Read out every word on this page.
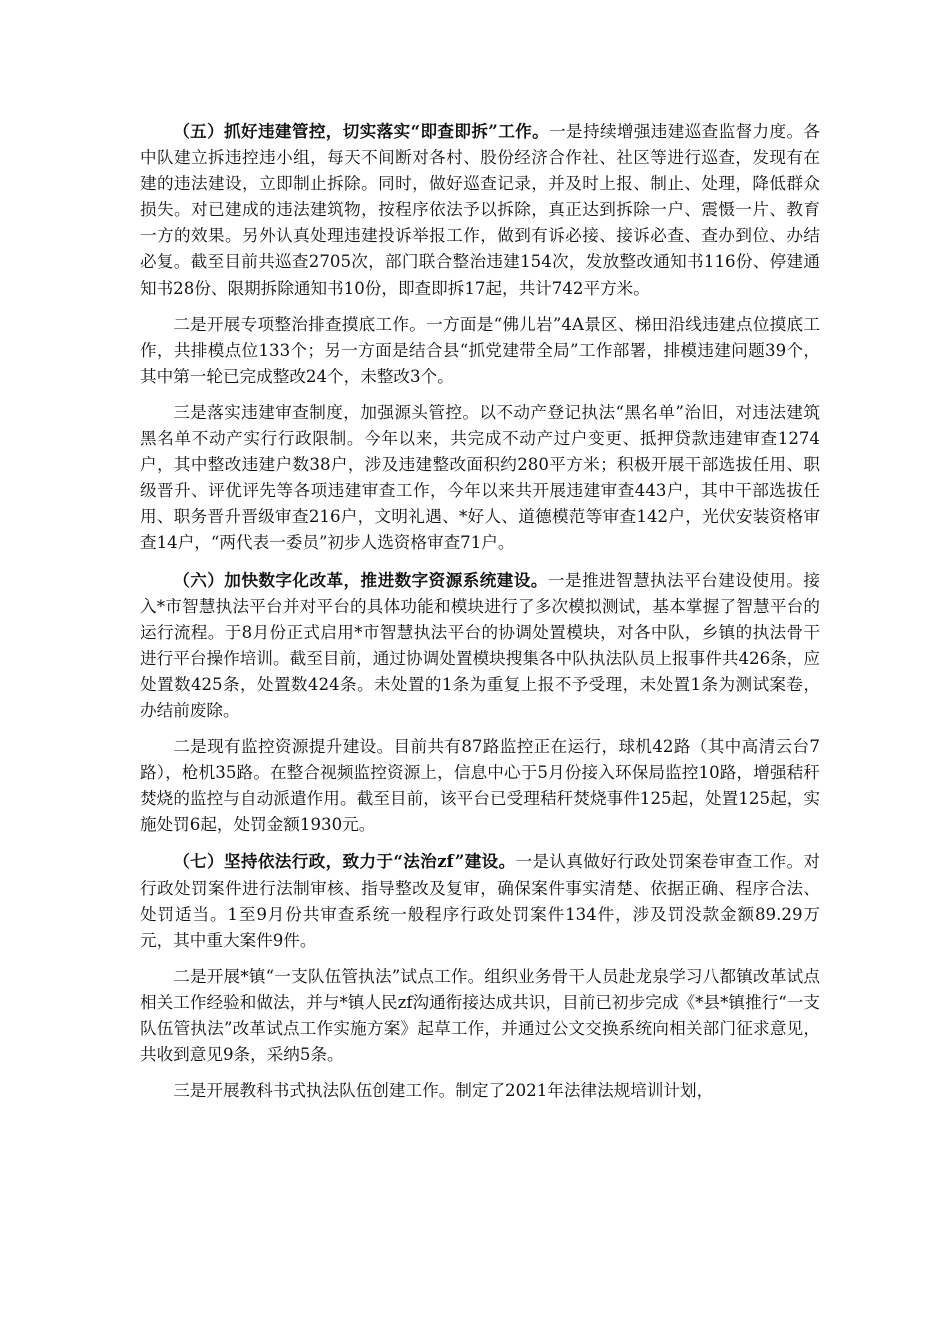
（五）抓好违建管控，切实落实“即查即拆”工作。一是持续增强违建巡查监督力度。各中队建立拆违控违小组，每天不间断对各村、股份经济合作社、社区等进行巡查，发现有在建的违法建设，立即制止拆除。同时，做好巡查记录，并及时上报、制止、处理，降低群众损失。对已建成的违法建筑物，按程序依法予以拆除，真正达到拆除一户、震慑一片、教育一方的效果。另外认真处理违建投诉举报工作，做到有诉必接、接诉必查、查办到位、办结必复。截至目前共巡查2705次，部门联合整治违建154次，发放整改通知书116份、停建通知书28份、限期拆除通知书10份，即查即拆17起，共计742平方米。

二是开展专项整治排查摸底工作。一方面是“佛儿岩”4A景区、梯田沿线违建点位摸底工作，共排模点位133个；另一方面是结合县“抓党建带全局”工作部署，排模违建问题39个，其中第一轮已完成整改24个，未整改3个。

三是落实违建审查制度，加强源头管控。以不动产登记执法“黑名单”治旧，对违法建筑黑名单不动产实行行政限制。今年以来，共完成不动产过户变更、抵押贷款违建审查1274户，其中整改违建户数38户，涉及违建整改面积约280平方米；积极开展干部选拔任用、职级晋升、评优评先等各项违建审查工作，今年以来共开展违建审查443户，其中干部选拔任用、职务晋升晋级审查216户，文明礼遇、*好人、道德模范等审查142户，光伏安装资格审查14户，“两代表一委员”初步人选资格审查71户。

（六）加快数字化改革，推进数字资源系统建设。一是推进智慧执法平台建设使用。接入*市智慧执法平台并对平台的具体功能和模块进行了多次模拟测试，基本掌握了智慧平台的运行流程。于8月份正式启用*市智慧执法平台的协调处置模块，对各中队，乡镇的执法骨干进行平台操作培训。截至目前，通过协调处置模块搜集各中队执法队员上报事件共426条，应处置数425条，处置数424条。未处置的1条为重复上报不予受理，未处置1条为测试案卷，办结前废除。

二是现有监控资源提升建设。目前共有87路监控正在运行，球机42路（其中高清云台7路），枪机35路。在整合视频监控资源上，信息中心于5月份接入环保局监控10路，增强秸秆焚烧的监控与自动派遣作用。截至目前，该平台已受理秸秆焚烧事件125起，处置125起，实施处罚6起，处罚金额1930元。

（七）坚持依法行政，致力于“法治zf”建设。一是认真做好行政处罚案卷审查工作。对行政处罚案件进行法制审核、指导整改及复审，确保案件事实清楚、依据正确、程序合法、处罚适当。1至9月份共审查系统一般程序行政处罚案件134件，涉及罚没款金额89.29万元，其中重大案件9件。

二是开展*镇“一支队伍管执法”试点工作。组织业务骨干人员赴龙泉学习八都镇改革试点相关工作经验和做法，并与*镇人民zf沟通衔接达成共识，目前已初步完成《*县*镇推行“一支队伍管执法”改革试点工作实施方案》起草工作，并通过公文交换系统向相关部门征求意见，共收到意见9条，采纳5条。

三是开展教科书式执法队伍创建工作。制定了2021年法律法规培训计划，
